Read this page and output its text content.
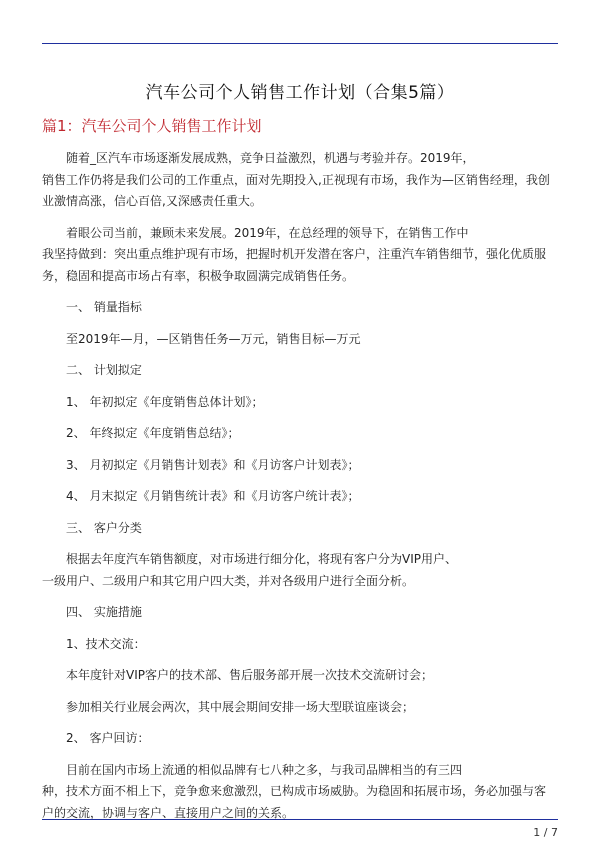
汽车公司个人销售工作计划（合集5篇）
篇1：汽车公司个人销售工作计划

随着_区汽车市场逐渐发展成熟，竞争日益激烈，机遇与考验并存。2019年，
销售工作仍将是我们公司的工作重点，面对先期投入,正视现有市场，我作为—区销售经理，我创
业激情高涨，信心百倍,又深感责任重大。

着眼公司当前，兼顾未来发展。2019年，在总经理的领导下，在销售工作中
我坚持做到：突出重点维护现有市场，把握时机开发潜在客户，注重汽车销售细节，强化优质服
务，稳固和提高市场占有率，积极争取圆满完成销售任务。

一、 销量指标

至2019年—月，—区销售任务—万元，销售目标—万元

二、 计划拟定

1、 年初拟定《年度销售总体计划》；

2、 年终拟定《年度销售总结》；

3、 月初拟定《月销售计划表》和《月访客户计划表》；

4、 月末拟定《月销售统计表》和《月访客户统计表》；

三、 客户分类

根据去年度汽车销售额度，对市场进行细分化，将现有客户分为VIP用户、
一级用户、二级用户和其它用户四大类，并对各级用户进行全面分析。

四、 实施措施

1、技术交流：

本年度针对VIP客户的技术部、售后服务部开展一次技术交流研讨会；

参加相关行业展会两次，其中展会期间安排一场大型联谊座谈会；

2、 客户回访：

目前在国内市场上流通的相似品牌有七八种之多，与我司品牌相当的有三四
种，技术方面不相上下，竞争愈来愈激烈，已构成市场威胁。为稳固和拓展市场，务必加强与客
户的交流，协调与客户、直接用户之间的关系。

1 / 7
